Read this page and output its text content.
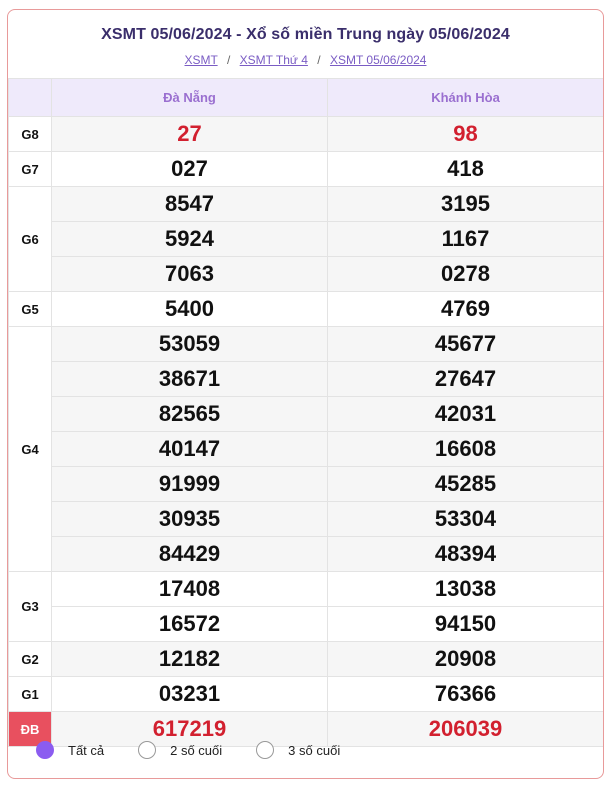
XSMT 05/06/2024 - Xổ số miền Trung ngày 05/06/2024
XSMT / XSMT Thứ 4 / XSMT 05/06/2024
	Đà Nẵng	Khánh Hòa
G8	27	98
G7	027	418
G6	8547	3195
	5924	1167
	7063	0278
G5	5400	4769
G4	53059	45677
	38671	27647
	82565	42031
	40147	16608
	91999	45285
	30935	53304
	84429	48394
G3	17408	13038
	16572	94150
G2	12182	20908
G1	03231	76366
ĐB	617219	206039
Tất cả	2 số cuối	3 số cuối
